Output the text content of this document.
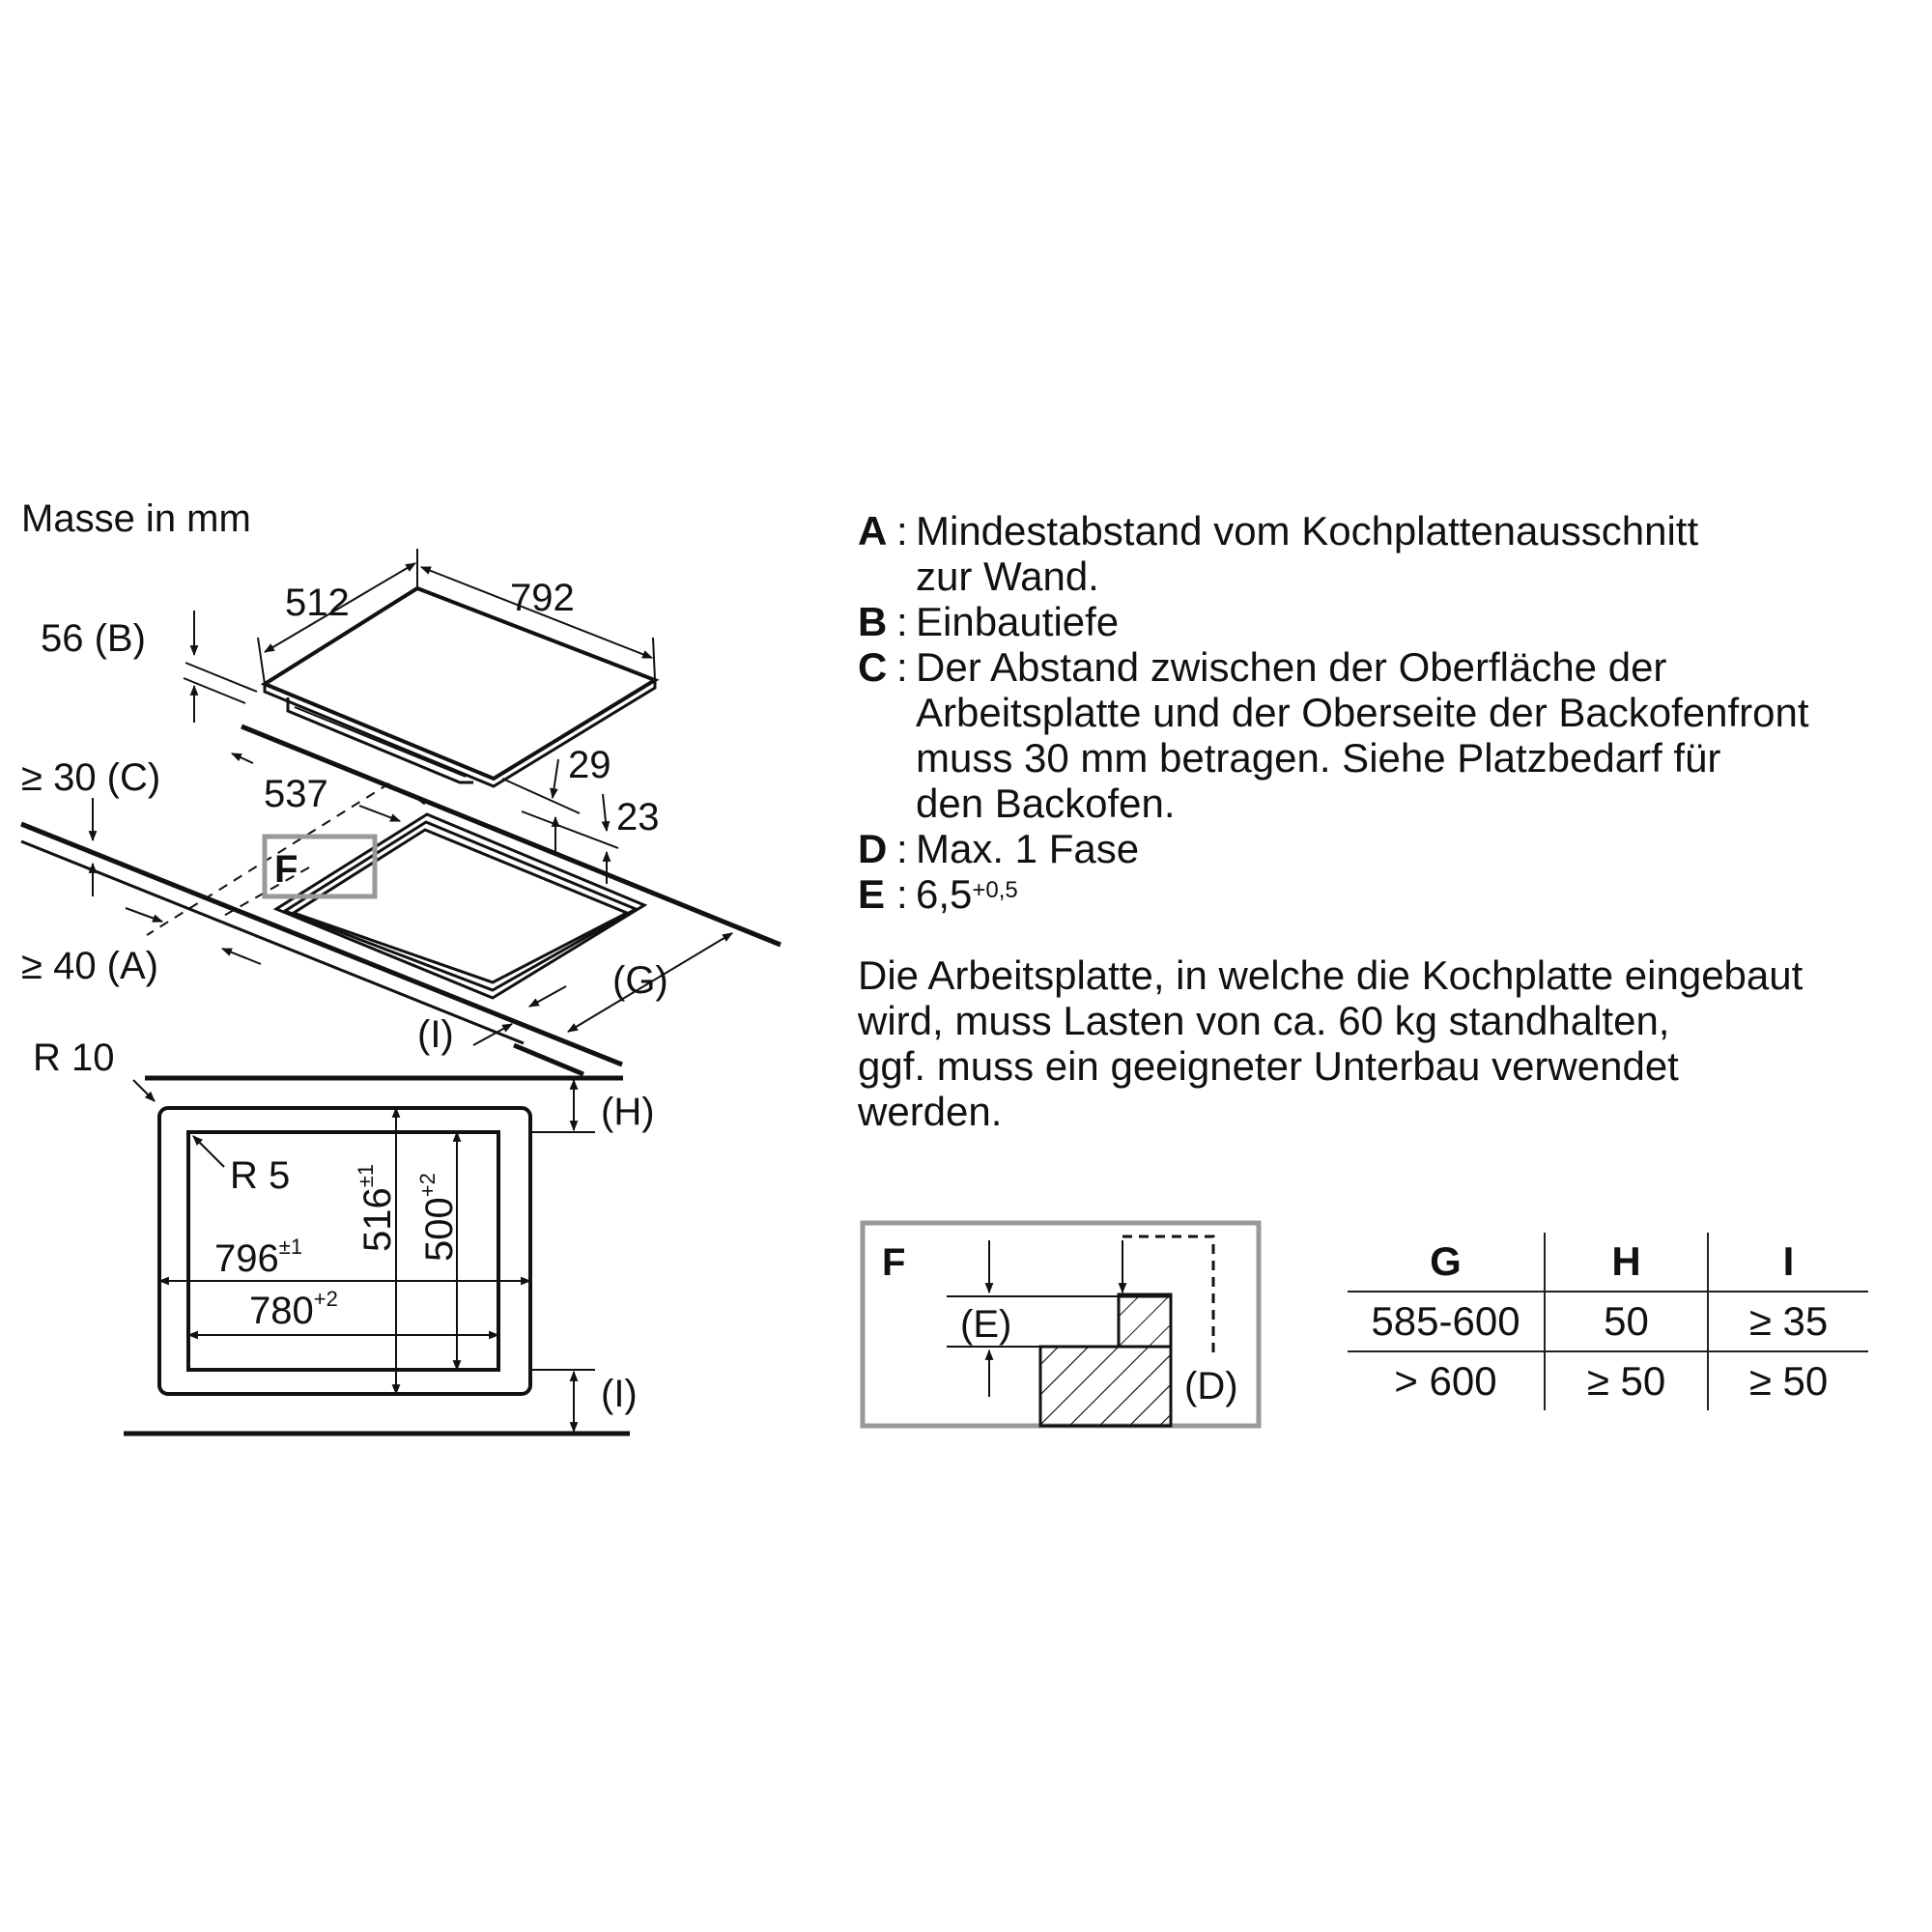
Masse in mm
512	792
56 (B)
≥ 30 (C)	537
29
23
≥ 40 (A)	(G)
(I)
F
R 10
R 5
$796^{\pm 1}$
$780^{+2}$
$516^{\pm 1}$
$500^{+2}$
(H)
(I)
F
(E)
(D)
A : Mindestabstand vom Kochplattenausschnitt
zur Wand.
B : Einbautiefe
C : Der Abstand zwischen der Oberfläche der
Arbeitsplatte und der Oberseite der Backofenfront
muss 30 mm betragen. Siehe Platzbedarf für
den Backofen.
D : Max. 1 Fase
E : $6,5^{+0,5}$
Die Arbeitsplatte, in welche die Kochplatte eingebaut
wird, muss Lasten von ca. 60 kg standhalten,
ggf. muss ein geeigneter Unterbau verwendet
werden.
G	H	I
585-600	50	≥ 35
> 600	≥ 50	≥ 50
